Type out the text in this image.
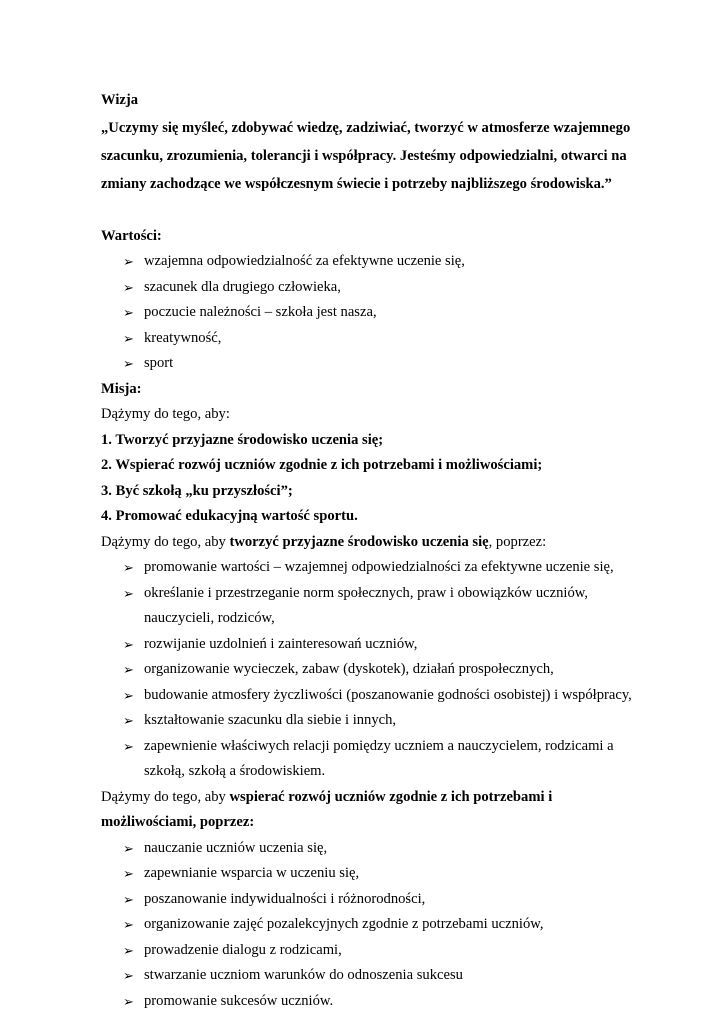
Wizja
„Uczymy się myśleć, zdobywać wiedzę, zadziwiać, tworzyć w atmosferze wzajemnego
szacunku, zrozumienia, tolerancji i współpracy. Jesteśmy odpowiedzialni, otwarci na
zmiany zachodzące we współczesnym świecie i potrzeby najbliższego środowiska.”
Wartości:
➢ wzajemna odpowiedzialność za efektywne uczenie się,
➢ szacunek dla drugiego człowieka,
➢ poczucie należności – szkoła jest nasza,
➢ kreatywność,
➢ sport
Misja:
Dążymy do tego, aby:
1. Tworzyć przyjazne środowisko uczenia się;
2. Wspierać rozwój uczniów zgodnie z ich potrzebami i możliwościami;
3. Być szkołą „ku przyszłości”;
4. Promować edukacyjną wartość sportu.
Dążymy do tego, aby tworzyć przyjazne środowisko uczenia się, poprzez:
➢ promowanie wartości – wzajemnej odpowiedzialności za efektywne uczenie się,
➢ określanie i przestrzeganie norm społecznych, praw i obowiązków uczniów,
nauczycieli, rodziców,
➢ rozwijanie uzdolnień i zainteresowań uczniów,
➢ organizowanie wycieczek, zabaw (dyskotek), działań prospołecznych,
➢ budowanie atmosfery życzliwości (poszanowanie godności osobistej) i współpracy,
➢ kształtowanie szacunku dla siebie i innych,
➢ zapewnienie właściwych relacji pomiędzy uczniem a nauczycielem, rodzicami a
szkołą, szkołą a środowiskiem.
Dążymy do tego, aby wspierać rozwój uczniów zgodnie z ich potrzebami i
możliwościami, poprzez:
➢ nauczanie uczniów uczenia się,
➢ zapewnianie wsparcia w uczeniu się,
➢ poszanowanie indywidualności i różnorodności,
➢ organizowanie zajęć pozalekcyjnych zgodnie z potrzebami uczniów,
➢ prowadzenie dialogu z rodzicami,
➢ stwarzanie uczniom warunków do odnoszenia sukcesu
➢ promowanie sukcesów uczniów.
